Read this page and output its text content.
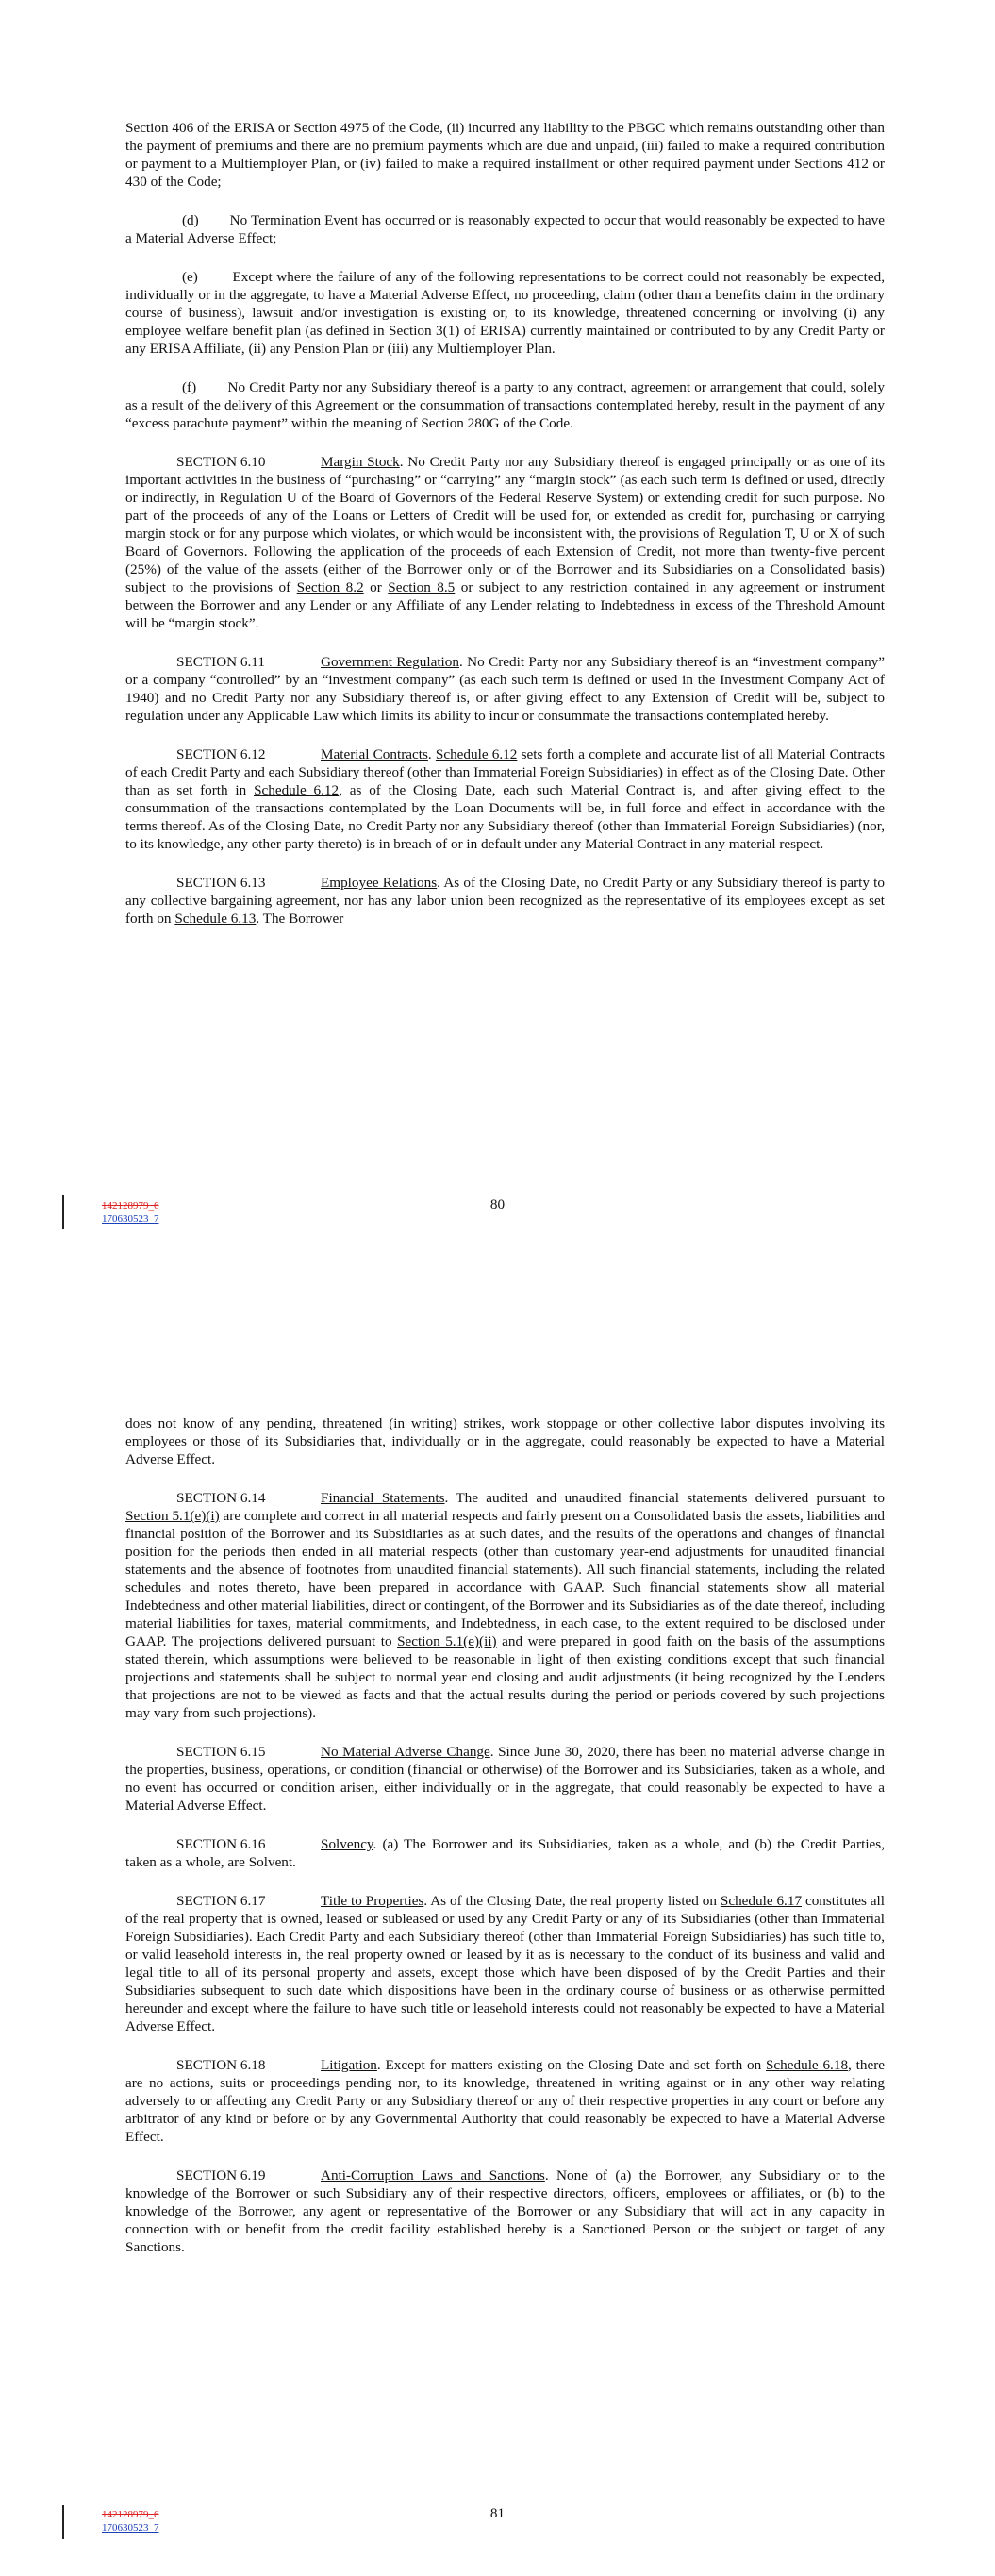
Section 406 of the ERISA or Section 4975 of the Code, (ii) incurred any liability to the PBGC which remains outstanding other than the payment of premiums and there are no premium payments which are due and unpaid, (iii) failed to make a required contribution or payment to a Multiemployer Plan, or (iv) failed to make a required installment or other required payment under Sections 412 or 430 of the Code;

(d) No Termination Event has occurred or is reasonably expected to occur that would reasonably be expected to have a Material Adverse Effect;

(e) Except where the failure of any of the following representations to be correct could not reasonably be expected, individually or in the aggregate, to have a Material Adverse Effect, no proceeding, claim (other than a benefits claim in the ordinary course of business), lawsuit and/or investigation is existing or, to its knowledge, threatened concerning or involving (i) any employee welfare benefit plan (as defined in Section 3(1) of ERISA) currently maintained or contributed to by any Credit Party or any ERISA Affiliate, (ii) any Pension Plan or (iii) any Multiemployer Plan.

(f) No Credit Party nor any Subsidiary thereof is a party to any contract, agreement or arrangement that could, solely as a result of the delivery of this Agreement or the consummation of transactions contemplated hereby, result in the payment of any “excess parachute payment” within the meaning of Section 280G of the Code.

SECTION 6.10	Margin Stock. No Credit Party nor any Subsidiary thereof is engaged principally or as one of its important activities in the business of “purchasing” or “carrying” any “margin stock” (as each such term is defined or used, directly or indirectly, in Regulation U of the Board of Governors of the Federal Reserve System) or extending credit for such purpose. No part of the proceeds of any of the Loans or Letters of Credit will be used for, or extended as credit for, purchasing or carrying margin stock or for any purpose which violates, or which would be inconsistent with, the provisions of Regulation T, U or X of such Board of Governors. Following the application of the proceeds of each Extension of Credit, not more than twenty-five percent (25%) of the value of the assets (either of the Borrower only or of the Borrower and its Subsidiaries on a Consolidated basis) subject to the provisions of Section 8.2 or Section 8.5 or subject to any restriction contained in any agreement or instrument between the Borrower and any Lender or any Affiliate of any Lender relating to Indebtedness in excess of the Threshold Amount will be “margin stock”.

SECTION 6.11	Government Regulation. No Credit Party nor any Subsidiary thereof is an “investment company” or a company “controlled” by an “investment company” (as each such term is defined or used in the Investment Company Act of 1940) and no Credit Party nor any Subsidiary thereof is, or after giving effect to any Extension of Credit will be, subject to regulation under any Applicable Law which limits its ability to incur or consummate the transactions contemplated hereby.

SECTION 6.12	Material Contracts. Schedule 6.12 sets forth a complete and accurate list of all Material Contracts of each Credit Party and each Subsidiary thereof (other than Immaterial Foreign Subsidiaries) in effect as of the Closing Date. Other than as set forth in Schedule 6.12, as of the Closing Date, each such Material Contract is, and after giving effect to the consummation of the transactions contemplated by the Loan Documents will be, in full force and effect in accordance with the terms thereof. As of the Closing Date, no Credit Party nor any Subsidiary thereof (other than Immaterial Foreign Subsidiaries) (nor, to its knowledge, any other party thereto) is in breach of or in default under any Material Contract in any material respect.

SECTION 6.13	Employee Relations. As of the Closing Date, no Credit Party or any Subsidiary thereof is party to any collective bargaining agreement, nor has any labor union been recognized as the representative of its employees except as set forth on Schedule 6.13. The Borrower

80
142128979_6
170630523_7

does not know of any pending, threatened (in writing) strikes, work stoppage or other collective labor disputes involving its employees or those of its Subsidiaries that, individually or in the aggregate, could reasonably be expected to have a Material Adverse Effect.

SECTION 6.14	Financial Statements. The audited and unaudited financial statements delivered pursuant to Section 5.1(e)(i) are complete and correct in all material respects and fairly present on a Consolidated basis the assets, liabilities and financial position of the Borrower and its Subsidiaries as at such dates, and the results of the operations and changes of financial position for the periods then ended in all material respects (other than customary year-end adjustments for unaudited financial statements and the absence of footnotes from unaudited financial statements). All such financial statements, including the related schedules and notes thereto, have been prepared in accordance with GAAP. Such financial statements show all material Indebtedness and other material liabilities, direct or contingent, of the Borrower and its Subsidiaries as of the date thereof, including material liabilities for taxes, material commitments, and Indebtedness, in each case, to the extent required to be disclosed under GAAP. The projections delivered pursuant to Section 5.1(e)(ii) and were prepared in good faith on the basis of the assumptions stated therein, which assumptions were believed to be reasonable in light of then existing conditions except that such financial projections and statements shall be subject to normal year end closing and audit adjustments (it being recognized by the Lenders that projections are not to be viewed as facts and that the actual results during the period or periods covered by such projections may vary from such projections).

SECTION 6.15	No Material Adverse Change. Since June 30, 2020, there has been no material adverse change in the properties, business, operations, or condition (financial or otherwise) of the Borrower and its Subsidiaries, taken as a whole, and no event has occurred or condition arisen, either individually or in the aggregate, that could reasonably be expected to have a Material Adverse Effect.

SECTION 6.16	Solvency. (a) The Borrower and its Subsidiaries, taken as a whole, and (b) the Credit Parties, taken as a whole, are Solvent.

SECTION 6.17	Title to Properties. As of the Closing Date, the real property listed on Schedule 6.17 constitutes all of the real property that is owned, leased or subleased or used by any Credit Party or any of its Subsidiaries (other than Immaterial Foreign Subsidiaries). Each Credit Party and each Subsidiary thereof (other than Immaterial Foreign Subsidiaries) has such title to, or valid leasehold interests in, the real property owned or leased by it as is necessary to the conduct of its business and valid and legal title to all of its personal property and assets, except those which have been disposed of by the Credit Parties and their Subsidiaries subsequent to such date which dispositions have been in the ordinary course of business or as otherwise permitted hereunder and except where the failure to have such title or leasehold interests could not reasonably be expected to have a Material Adverse Effect.

SECTION 6.18	Litigation. Except for matters existing on the Closing Date and set forth on Schedule 6.18, there are no actions, suits or proceedings pending nor, to its knowledge, threatened in writing against or in any other way relating adversely to or affecting any Credit Party or any Subsidiary thereof or any of their respective properties in any court or before any arbitrator of any kind or before or by any Governmental Authority that could reasonably be expected to have a Material Adverse Effect.

SECTION 6.19	Anti-Corruption Laws and Sanctions. None of (a) the Borrower, any Subsidiary or to the knowledge of the Borrower or such Subsidiary any of their respective directors, officers, employees or affiliates, or (b) to the knowledge of the Borrower, any agent or representative of the Borrower or any Subsidiary that will act in any capacity in connection with or benefit from the credit facility established hereby is a Sanctioned Person or the subject or target of any Sanctions.

81
142128979_6
170630523_7
